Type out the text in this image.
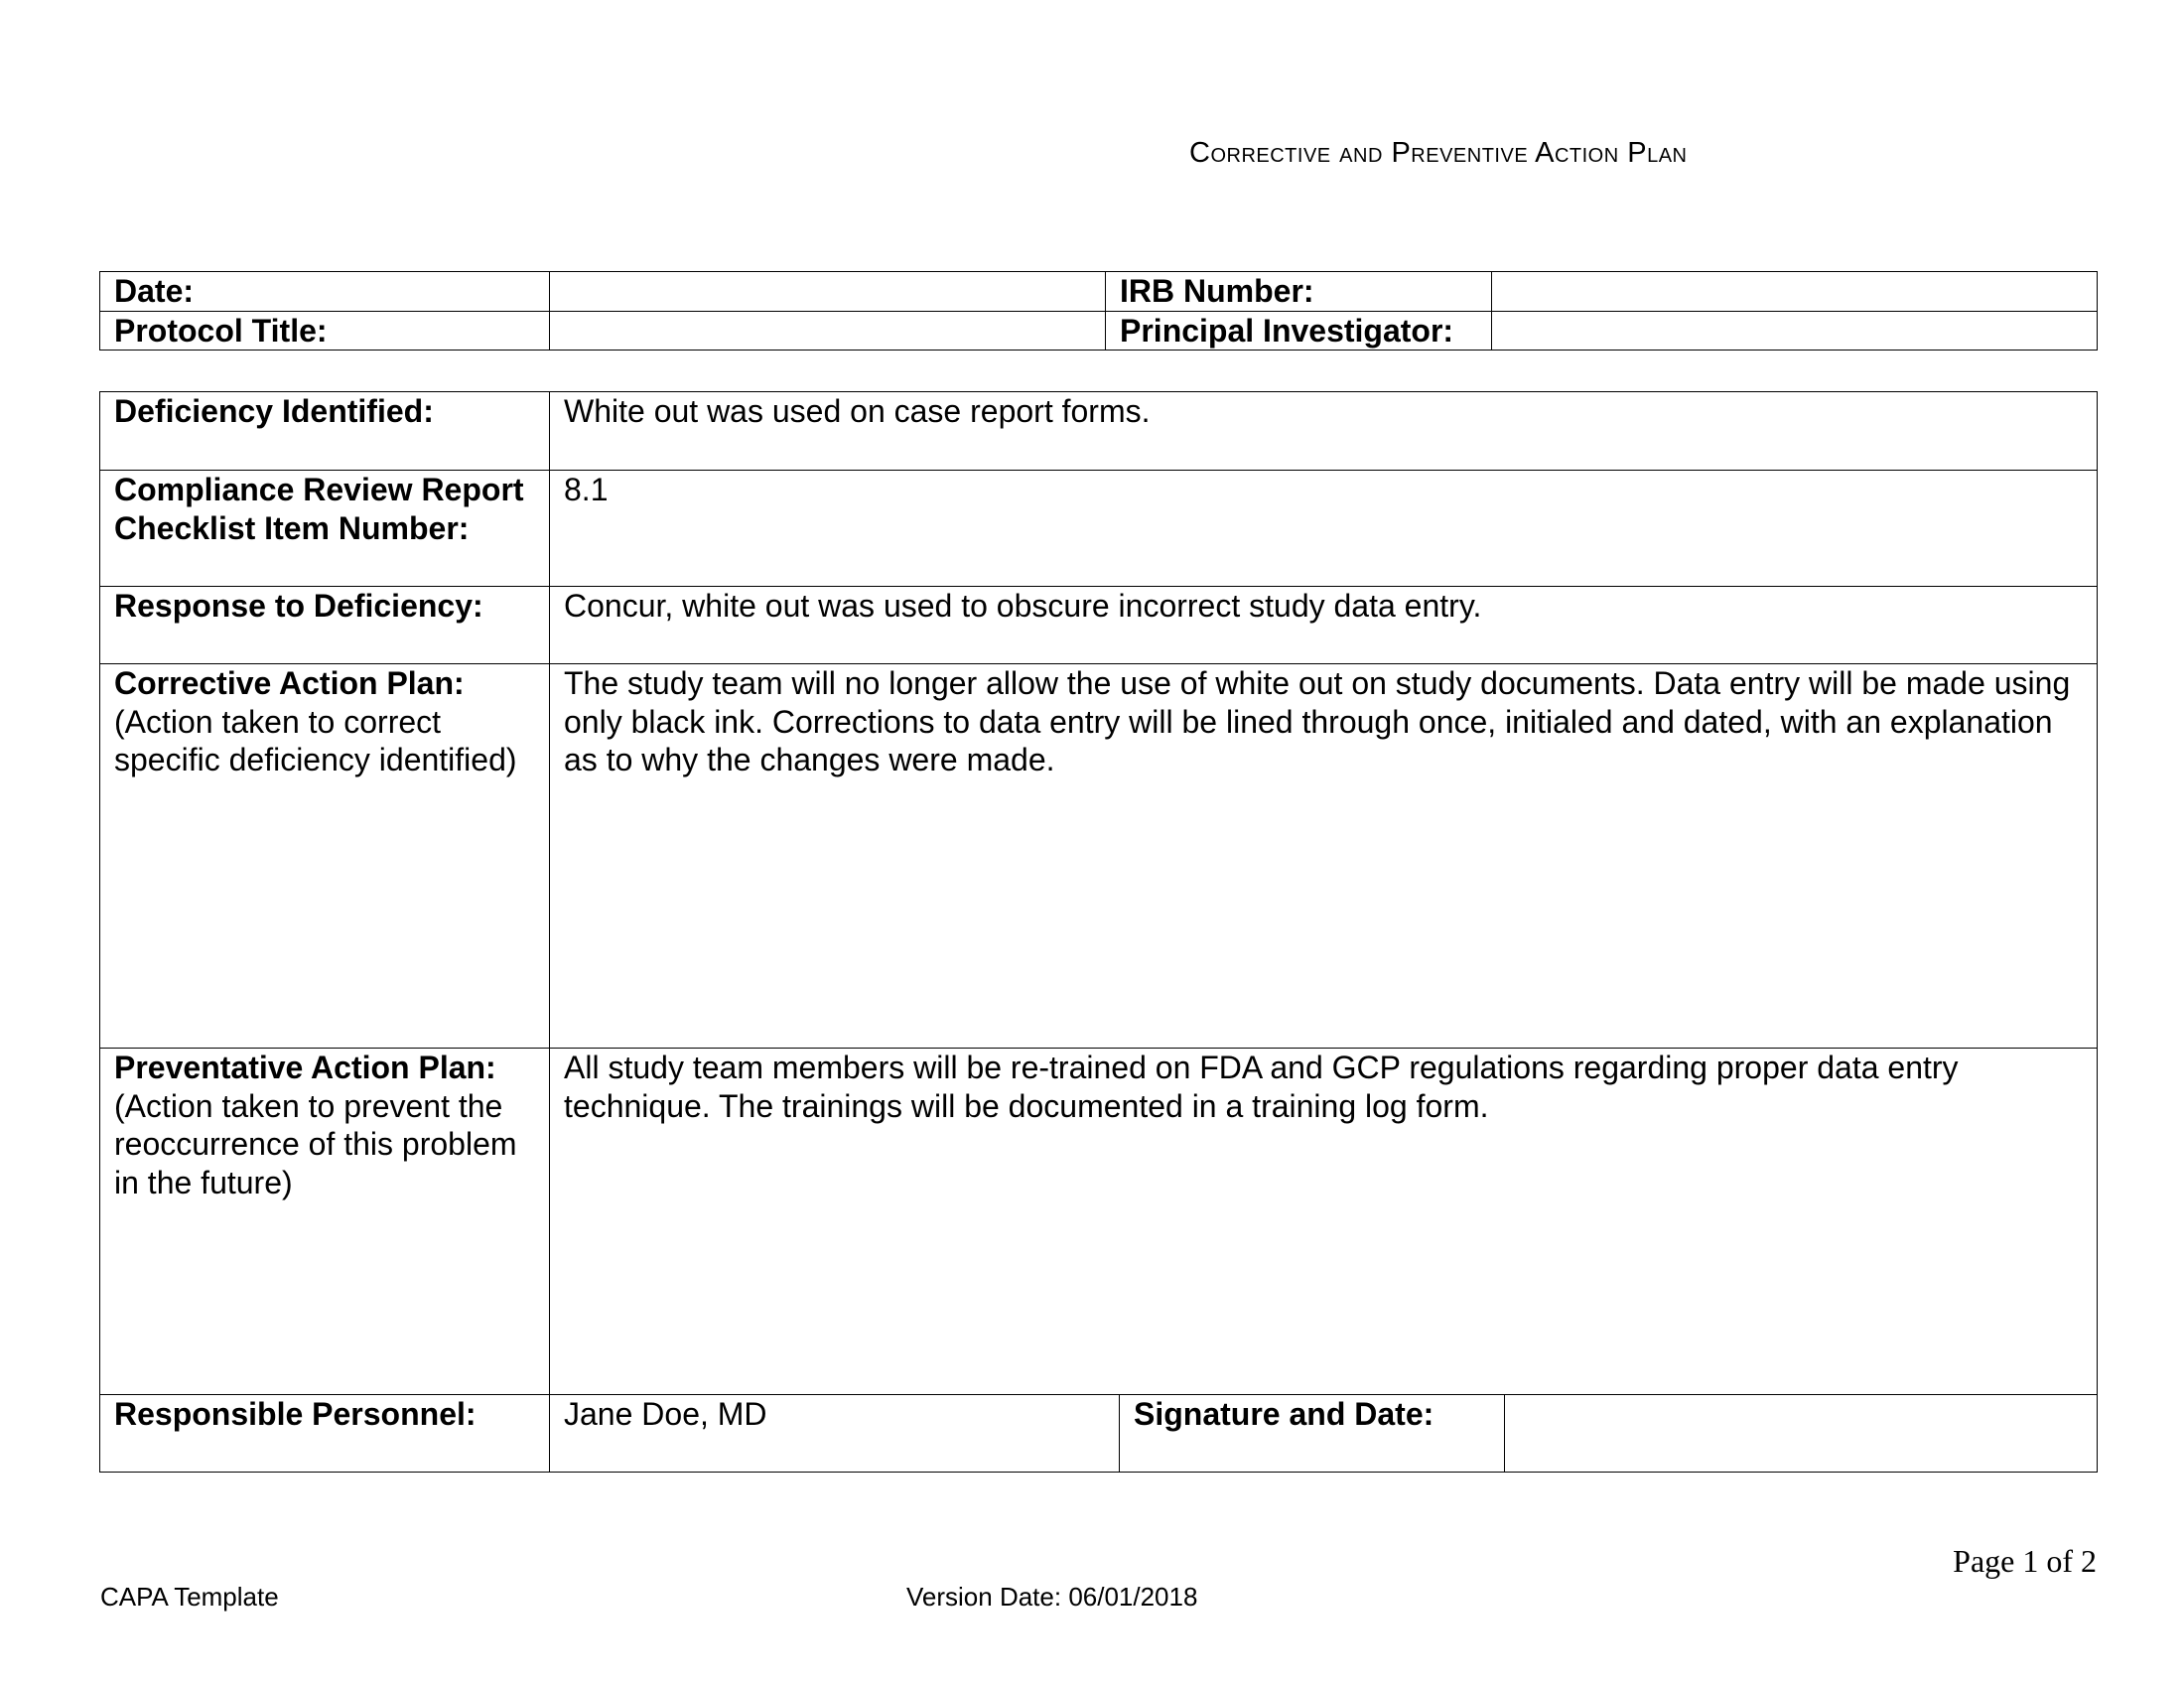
Corrective and Preventive Action Plan
Date:		IRB Number:	
Protocol Title:		Principal Investigator:	
Deficiency Identified:	White out was used on case report forms.		
Compliance Review Report Checklist Item Number:	8.1		
Response to Deficiency:	Concur, white out was used to obscure incorrect study data entry.		
Corrective Action Plan:
(Action taken to correct specific deficiency identified)	The study team will no longer allow the use of white out on study documents. Data entry will be made using only black ink. Corrections to data entry will be lined through once, initialed and dated, with an explanation as to why the changes were made.		
Preventative Action Plan:
(Action taken to prevent the reoccurrence of this problem in the future)	All study team members will be re-trained on FDA and GCP regulations regarding proper data entry technique. The trainings will be documented in a training log form.		
Responsible Personnel:	Jane Doe, MD	Signature and Date:	
Page 1 of 2
CAPA Template	Version Date: 06/01/2018
